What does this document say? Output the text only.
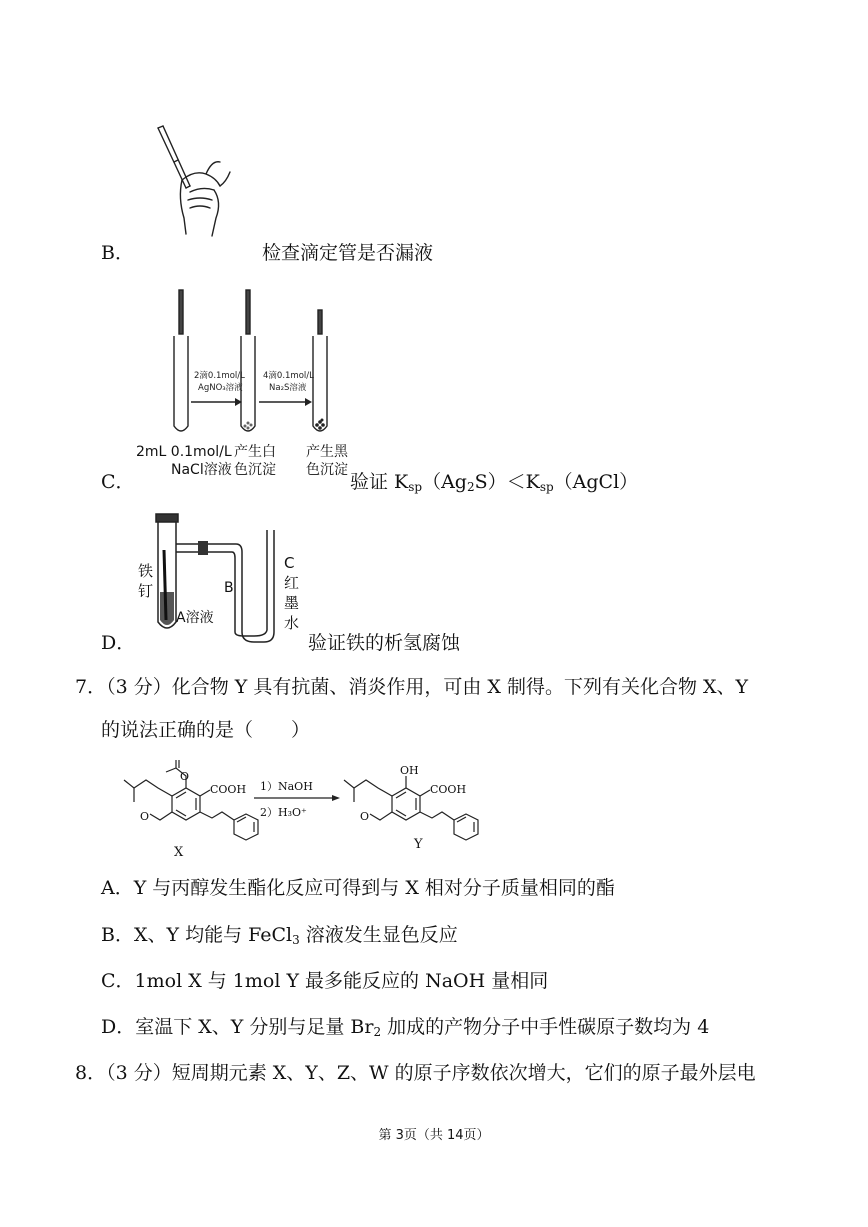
B．	检查滴定管是否漏液
2滴0.1mol/L
AgNO₃溶液
4滴0.1mol/L
Na₂S溶液
2mL 0.1mol/L
NaCl溶液
产生白
色沉淀
产生黑
色沉淀
C．	验证 $K_{sp}(Ag_2S)<K_{sp}(AgCl)$
铁
钉
A溶液
B
C
红
墨
水
D．	验证铁的析氢腐蚀
7．（3 分）化合物 Y 具有抗菌、消炎作用，可由 X 制得。下列有关化合物 X、Y
的说法正确的是（　　）
O
COOH
O
X
1）NaOH
2）H₃O⁺
OH
COOH
O
Y
A．Y 与丙醇发生酯化反应可得到与 X 相对分子质量相同的酯
B．X、Y 均能与 FeCl$_3$ 溶液发生显色反应
C．1mol X 与 1mol Y 最多能反应的 NaOH 量相同
D．室温下 X、Y 分别与足量 $Br_2$ 加成的产物分子中手性碳原子数均为 4
8．（3 分）短周期元素 X、Y、Z、W 的原子序数依次增大，它们的原子最外层电
第 3页（共 14页）
